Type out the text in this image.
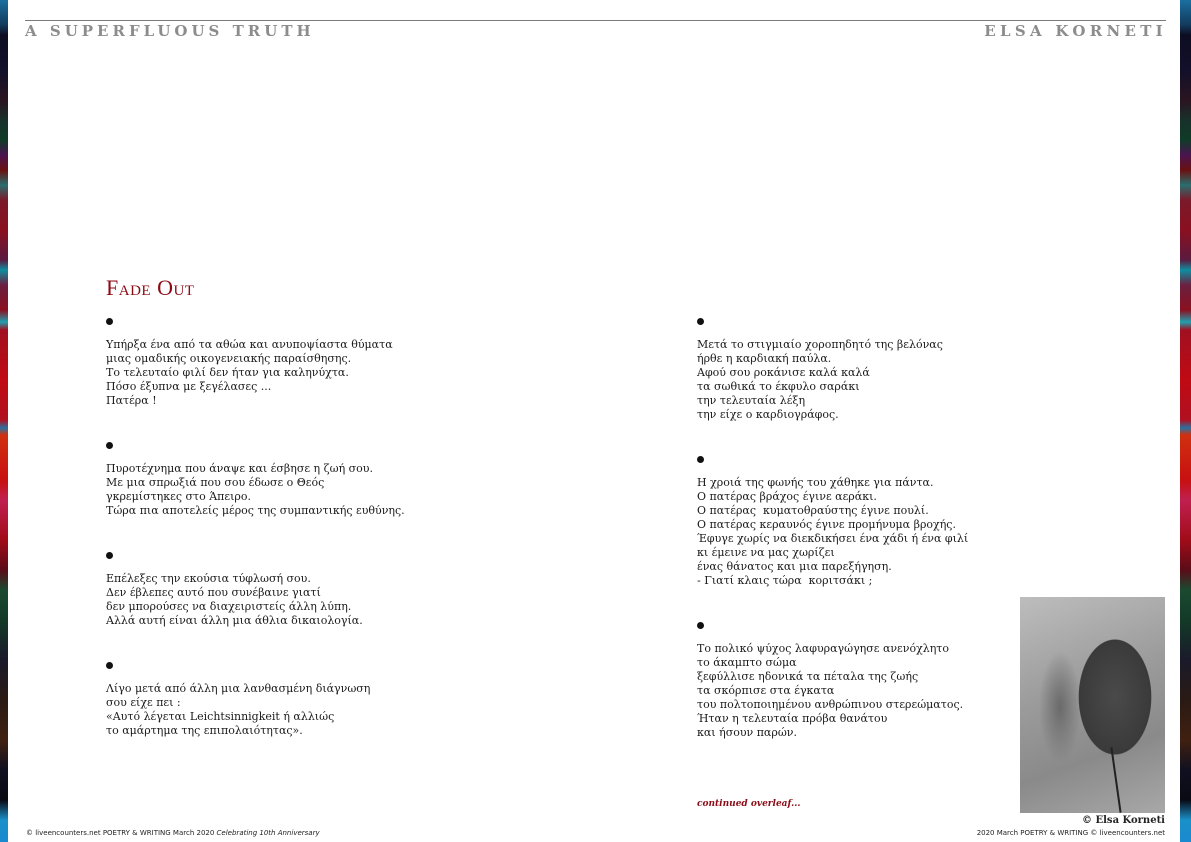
A SUPERFLUOUS TRUTH	ELSA KORNETI
Fade Out
Υπήρξα ένα από τα αθώα και ανυποψίαστα θύματα
μιας ομαδικής οικογενειακής παραίσθησης.
Το τελευταίο φιλί δεν ήταν για καληνύχτα.
Πόσο έξυπνα με ξεγέλασες ...
Πατέρα !
Πυροτέχνημα που άναψε και έσβησε η ζωή σου.
Με μια σπρωξιά που σου έδωσε ο Θεός
γκρεμίστηκες στο Άπειρο.
Τώρα πια αποτελείς μέρος της συμπαντικής ευθύνης.
Επέλεξες την εκούσια τύφλωσή σου.
Δεν έβλεπες αυτό που συνέβαινε γιατί
δεν μπορούσες να διαχειριστείς άλλη λύπη.
Αλλά αυτή είναι άλλη μια άθλια δικαιολογία.
Λίγο μετά από άλλη μια λανθασμένη διάγνωση
σου είχε πει :
«Αυτό λέγεται Leichtsinnigkeit ή αλλιώς
το αμάρτημα της επιπολαιότητας».
Μετά το στιγμιαίο χοροπηδητό της βελόνας
ήρθε η καρδιακή παύλα.
Αφού σου ροκάνισε καλά καλά
τα σωθικά το έκφυλο σαράκι
την τελευταία λέξη
την είχε ο καρδιογράφος.
Η χροιά της φωνής του χάθηκε για πάντα.
Ο πατέρας βράχος έγινε αεράκι.
Ο πατέρας  κυματοθραύστης έγινε πουλί.
Ο πατέρας κεραυνός έγινε προμήνυμα βροχής.
Έφυγε χωρίς να διεκδικήσει ένα χάδι ή ένα φιλί
κι έμεινε να μας χωρίζει
ένας θάνατος και μια παρεξήγηση.
- Γιατί κλαις τώρα  κοριτσάκι ;
Το πολικό ψύχος λαφυραγώγησε ανενόχλητο
το άκαμπτο σώμα
ξεφύλλισε ηδονικά τα πέταλα της ζωής
τα σκόρπισε στα έγκατα
του πολτοποιημένου ανθρώπινου στερεώματος.
Ήταν η τελευταία πρόβα θανάτου
και ήσουν παρών.
© Elsa Korneti
continued overleaf...
© liveencounters.net POETRY & WRITING March 2020 Celebrating 10th Anniversary	2020 March POETRY & WRITING © liveencounters.net
